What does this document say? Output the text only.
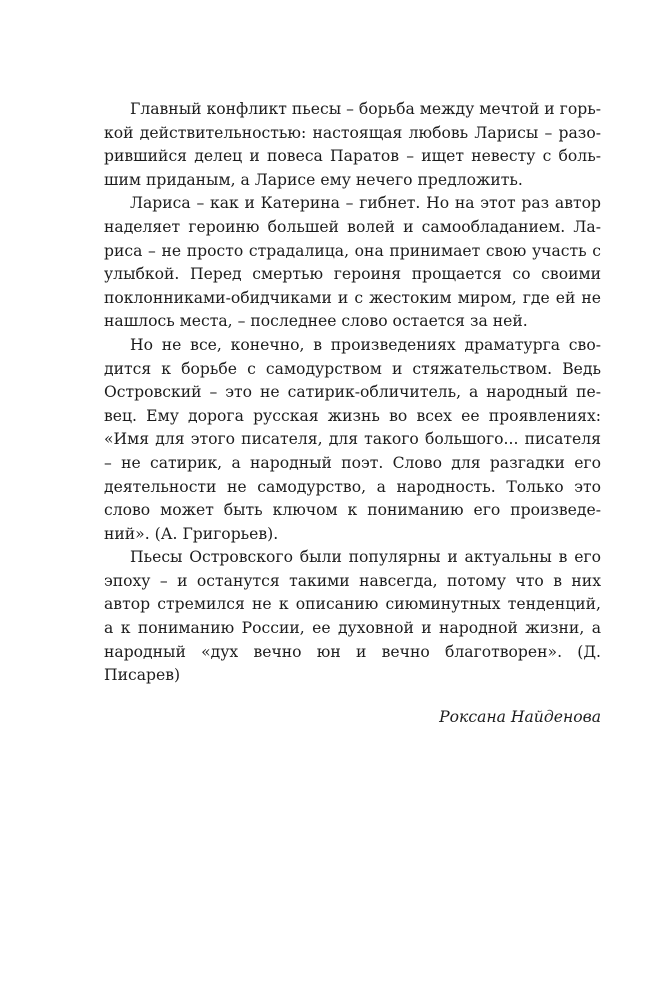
Главный конфликт пьесы – борьба между мечтой и горькой действительностью: настоящая любовь Ларисы – разорившийся делец и повеса Паратов – ищет невесту с большим приданым, а Ларисе ему нечего предложить.

Лариса – как и Катерина – гибнет. Но на этот раз автор наделяет героиню большей волей и самообладанием. Лариса – не просто страдалица, она принимает свою участь с улыбкой. Перед смертью героиня прощается со своими поклонниками-обидчиками и с жестоким миром, где ей не нашлось места, – последнее слово остается за ней.

Но не все, конечно, в произведениях драматурга сводится к борьбе с самодурством и стяжательством. Ведь Островский – это не сатирик-обличитель, а народный певец. Ему дорога русская жизнь во всех ее проявлениях: «Имя для этого писателя, для такого большого... писателя – не сатирик, а народный поэт. Слово для разгадки его деятельности не самодурство, а народность. Только это слово может быть ключом к пониманию его произведений». (А. Григорьев).

Пьесы Островского были популярны и актуальны в его эпоху – и останутся такими навсегда, потому что в них автор стремился не к описанию сиюминутных тенденций, а к пониманию России, ее духовной и народной жизни, а народный «дух вечно юн и вечно благотворен». (Д. Писарев)

Роксана Найденова
